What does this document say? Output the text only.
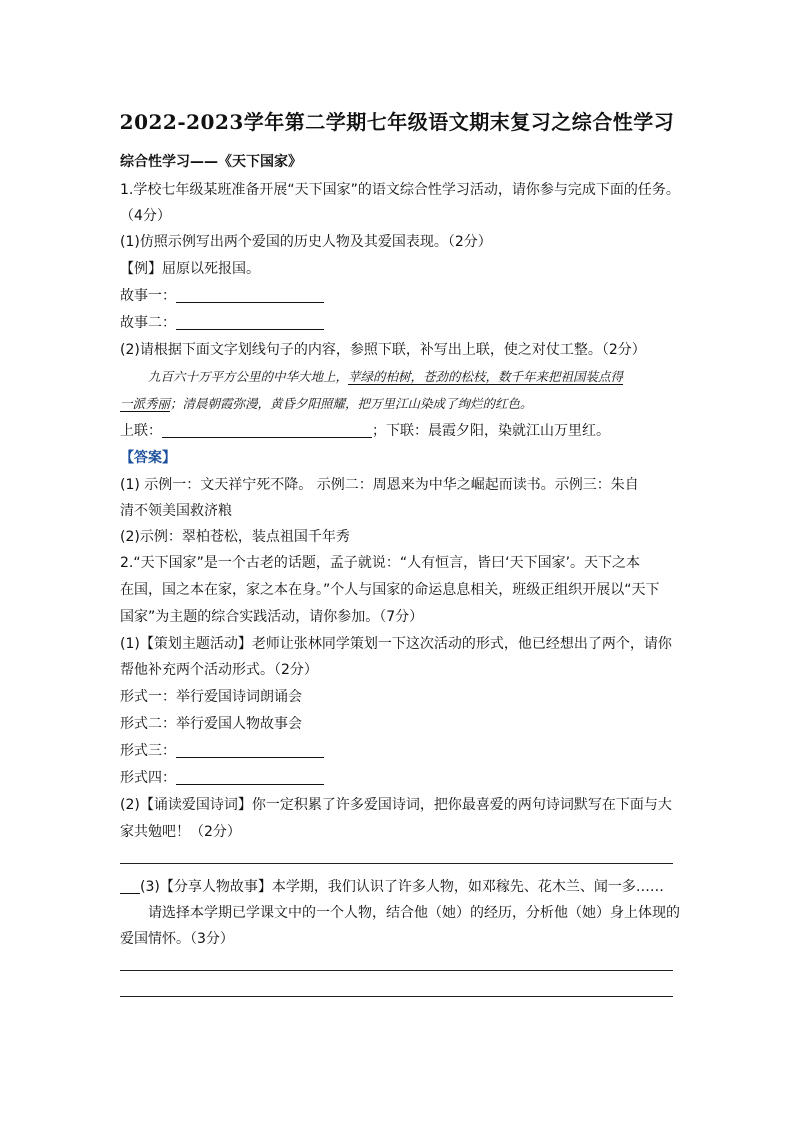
2022-2023学年第二学期七年级语文期末复习之综合性学习
综合性学习——《天下国家》
1.学校七年级某班准备开展“天下国家”的语文综合性学习活动，请你参与完成下面的任务。
（4分）
(1)仿照示例写出两个爱国的历史人物及其爱国表现。（2分）
【例】屈原以死报国。
故事一：
故事二：
(2)请根据下面文字划线句子的内容，参照下联，补写出上联，使之对仗工整。（2分）
九百六十万平方公里的中华大地上，苹绿的柏树，苍劲的松枝，数千年来把祖国装点得
一派秀丽；清晨朝霞弥漫，黄昏夕阳照耀，把万里江山染成了绚烂的红色。
上联：	；下联：晨霞夕阳，染就江山万里红。
【答案】
(1) 示例一：文天祥宁死不降。 示例二：周恩来为中华之崛起而读书。示例三：朱自
清不领美国救济粮
(2)示例：翠柏苍松，装点祖国千年秀
2.“天下国家”是一个古老的话题，孟子就说：“人有恒言，皆曰‘天下国家’。天下之本
在国，国之本在家，家之本在身。”个人与国家的命运息息相关，班级正组织开展以“天下
国家”为主题的综合实践活动，请你参加。（7分）
(1)【策划主题活动】老师让张林同学策划一下这次活动的形式，他已经想出了两个，请你
帮他补充两个活动形式。（2分）
形式一：举行爱国诗词朗诵会
形式二：举行爱国人物故事会
形式三：
形式四：
(2)【诵读爱国诗词】你一定积累了许多爱国诗词，把你最喜爱的两句诗词默写在下面与大
家共勉吧！（2分）
(3)【分享人物故事】本学期，我们认识了许多人物，如邓稼先、花木兰、闻一多……
请选择本学期已学课文中的一个人物，结合他（她）的经历，分析他（她）身上体现的
爱国情怀。（3分）
